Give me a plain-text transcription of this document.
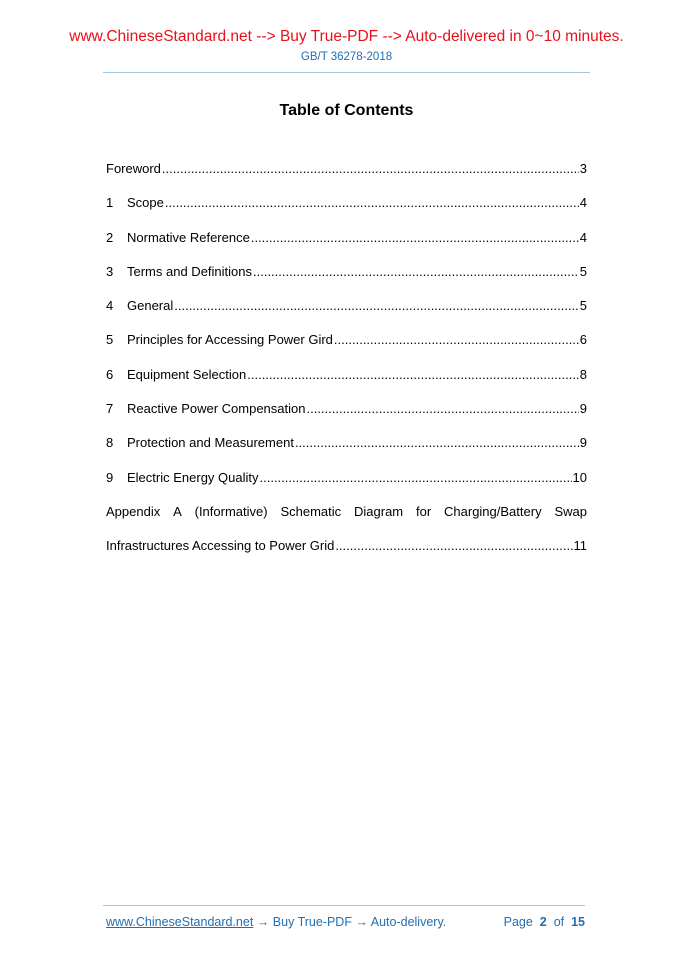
www.ChineseStandard.net --> Buy True-PDF --> Auto-delivered in 0~10 minutes.
GB/T 36278-2018
Table of Contents
Foreword .....	3
1	Scope .....	4
2	Normative Reference .....	4
3	Terms and Definitions .....	5
4	General .....	5
5	Principles for Accessing Power Gird .....	6
6	Equipment Selection .....	8
7	Reactive Power Compensation .....	9
8	Protection and Measurement .....	9
9	Electric Energy Quality .....	10
Appendix A (Informative) Schematic Diagram for Charging/Battery Swap
Infrastructures Accessing to Power Grid .....	11
www.ChineseStandard.net → Buy True-PDF → Auto-delivery.	Page 2 of 15
